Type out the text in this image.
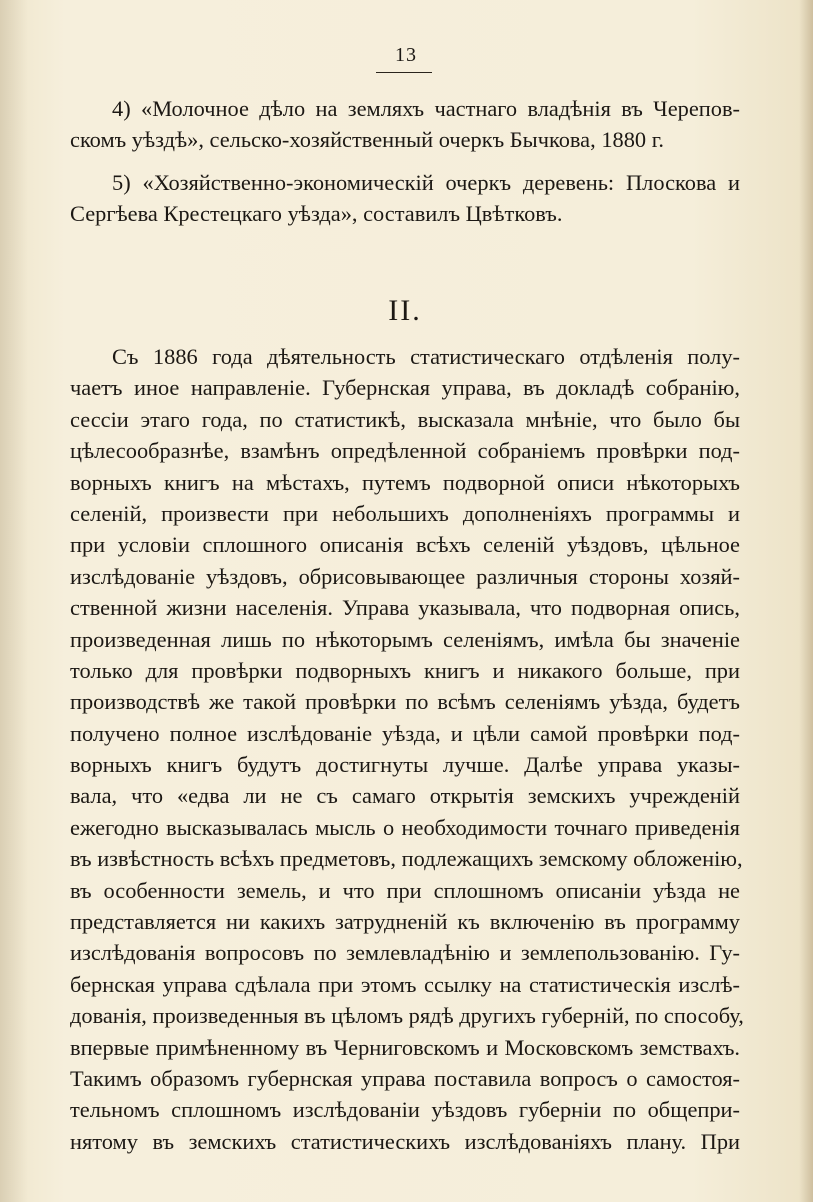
13
4) «Молочное дѣло на земляхъ частнаго владѣнія въ Черепов-
скомъ уѣздѣ», сельско-хозяйственный очеркъ Бычкова, 1880 г.
5) «Хозяйственно-экономическій очеркъ деревень: Плоскова и
Сергѣева Крестецкаго уѣзда», составилъ Цвѣтковъ.
II.
Съ 1886 года дѣятельность статистическаго отдѣленія полу-
чаетъ иное направленіе. Губернская управа, въ докладѣ собранію,
сессіи этаго года, по статистикѣ, высказала мнѣніе, что было бы
цѣлесообразнѣе, взамѣнъ опредѣленной собраніемъ провѣрки под-
ворныхъ книгъ на мѣстахъ, путемъ подворной описи нѣкоторыхъ
селеній, произвести при небольшихъ дополненіяхъ программы и
при условіи сплошного описанія всѣхъ селеній уѣздовъ, цѣльное
изслѣдованіе уѣздовъ, обрисовывающее различныя стороны хозяй-
ственной жизни населенія. Управа указывала, что подворная опись,
произведенная лишь по нѣкоторымъ селеніямъ, имѣла бы значеніе
только для провѣрки подворныхъ книгъ и никакого больше, при
производствѣ же такой провѣрки по всѣмъ селеніямъ уѣзда, будетъ
получено полное изслѣдованіе уѣзда, и цѣли самой провѣрки под-
ворныхъ книгъ будутъ достигнуты лучше. Далѣе управа указы-
вала, что «едва ли не съ самаго открытія земскихъ учрежденій
ежегодно высказывалась мысль о необходимости точнаго приведенія
въ извѣстность всѣхъ предметовъ, подлежащихъ земскому обложенію,
въ особенности земель, и что при сплошномъ описаніи уѣзда не
представляется ни какихъ затрудненій къ включенію въ программу
изслѣдованія вопросовъ по землевладѣнію и землепользованію. Гу-
бернская управа сдѣлала при этомъ ссылку на статистическія изслѣ-
дованія, произведенныя въ цѣломъ рядѣ другихъ губерній, по способу,
впервые примѣненному въ Черниговскомъ и Московскомъ земствахъ.
Такимъ образомъ губернская управа поставила вопросъ о самостоя-
тельномъ сплошномъ изслѣдованіи уѣздовъ губерніи по общепри-
нятому въ земскихъ статистическихъ изслѣдованіяхъ плану. При
